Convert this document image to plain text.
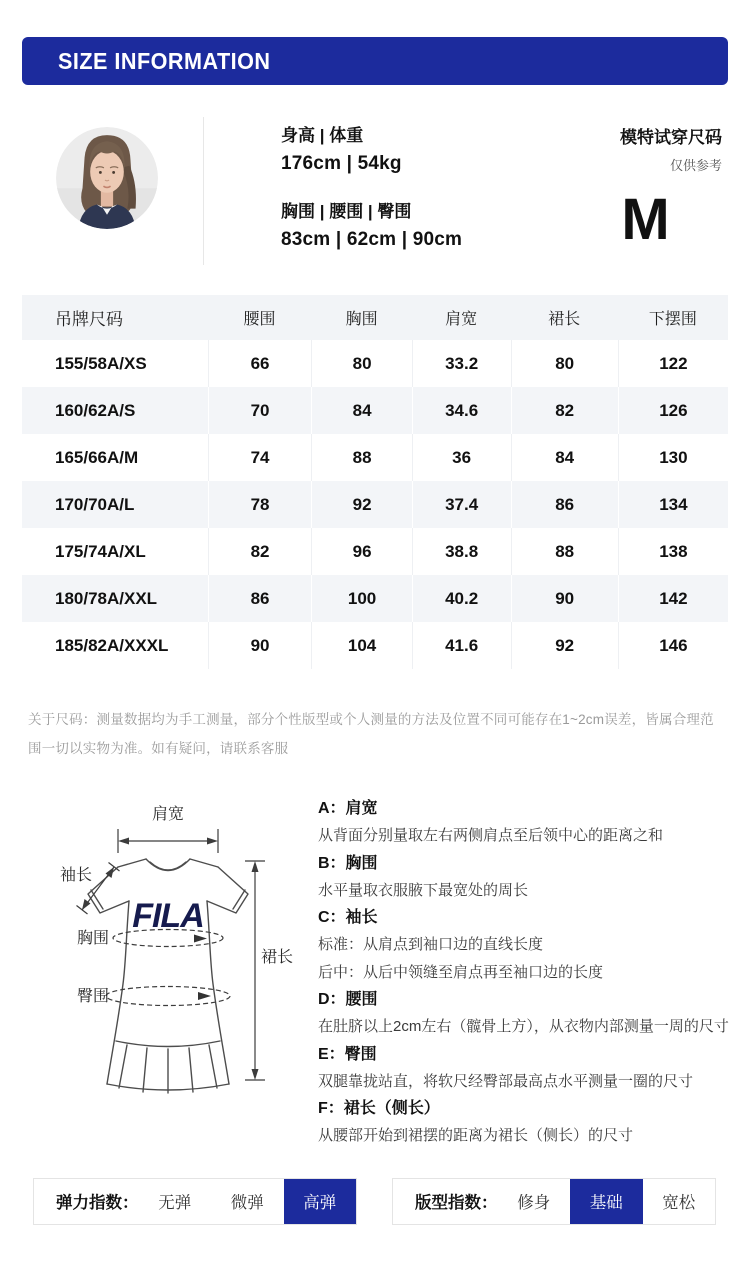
SIZE INFORMATION
身高 | 体重
176cm | 54kg
胸围 | 腰围 | 臀围
83cm | 62cm | 90cm
模特试穿尺码
仅供参考
M
吊牌尺码	腰围	胸围	肩宽	裙长	下摆围
155/58A/XS	66	80	33.2	80	122
160/62A/S	70	84	34.6	82	126
165/66A/M	74	88	36	84	130
170/70A/L	78	92	37.4	86	134
175/74A/XL	82	96	38.8	88	138
180/78A/XXL	86	100	40.2	90	142
185/82A/XXXL	90	104	41.6	92	146
关于尺码：测量数据均为手工测量，部分个性版型或个人测量的方法及位置不同可能存在1~2cm误差，皆属合理范围一切以实物为准。如有疑问，请联系客服
FILA
肩宽
袖长
胸围
臀围
裙长
A：肩宽
从背面分别量取左右两侧肩点至后领中心的距离之和
B：胸围
水平量取衣服腋下最宽处的周长
C：袖长
标准：从肩点到袖口边的直线长度
后中：从后中领缝至肩点再至袖口边的长度
D：腰围
在肚脐以上2cm左右（髋骨上方），从衣物内部测量一周的尺寸
E：臀围
双腿靠拢站直，将软尺经臀部最高点水平测量一圈的尺寸
F：裙长（侧长）
从腰部开始到裙摆的距离为裙长（侧长）的尺寸
弹力指数：	无弹	微弹	高弹	版型指数：	修身	基础	宽松
